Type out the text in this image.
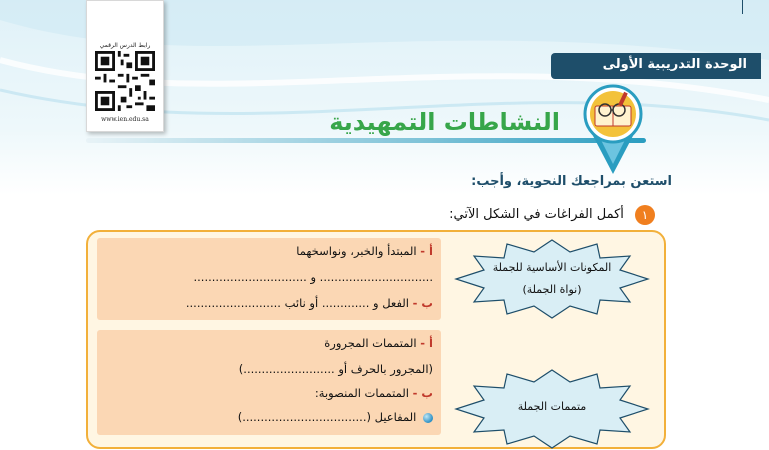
رابط الدرس الرقمي
www.ien.edu.sa
الوحدة التدريبية الأولى
النشاطات التمهيدية
استعن بمراجعك النحوية، وأجب:
١ أكمل الفراغات في الشكل الآتي:
أ - المبتدأ والخبر، ونواسخهما
............................... و ...............................
ب - الفعل و ............. أو نائب ..........................
أ - المتممات المجرورة
(المجرور بالحرف أو .........................)
ب - المتممات المنصوبة:
المفاعيل (..................................)
المكونات الأساسية للجملة
(نواة الجملة)
متممات الجملة
